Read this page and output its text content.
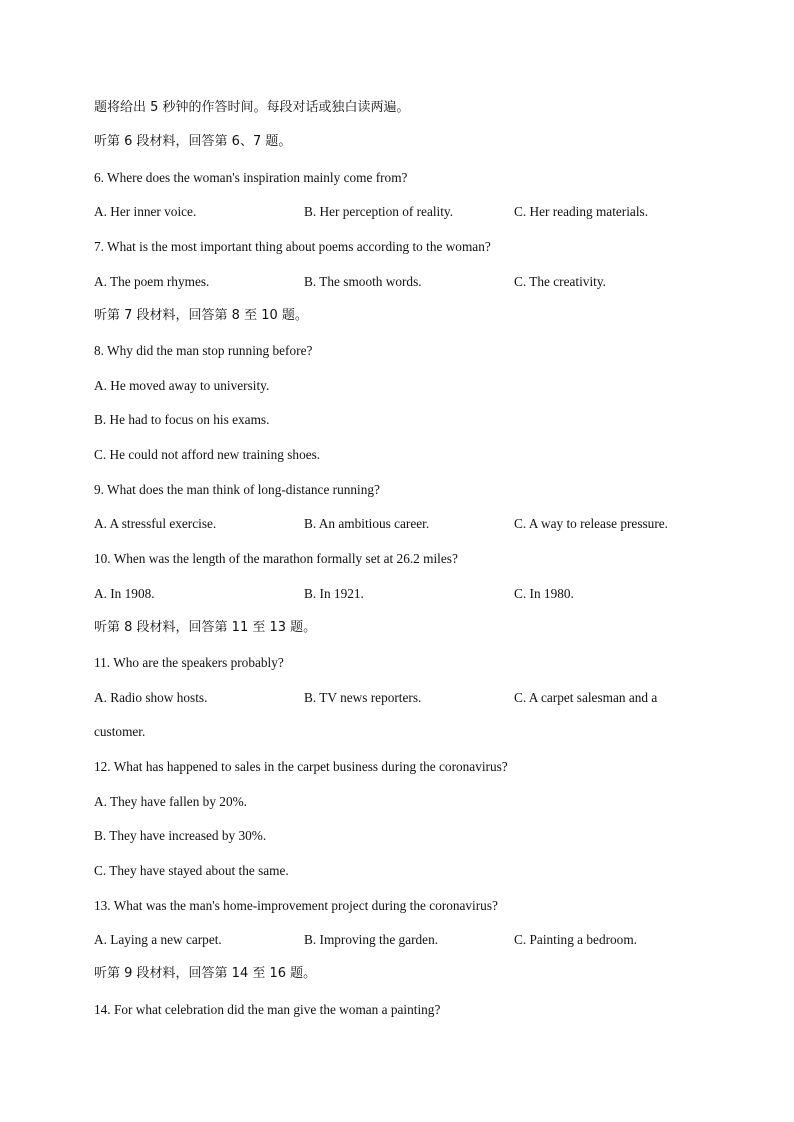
题将给出 5 秒钟的作答时间。每段对话或独白读两遍。
听第 6 段材料，回答第 6、7 题。
6. Where does the woman's inspiration mainly come from?
A. Her inner voice.	B. Her perception of reality.	C. Her reading materials.
7. What is the most important thing about poems according to the woman?
A. The poem rhymes.	B. The smooth words.	C. The creativity.
听第 7 段材料，回答第 8 至 10 题。
8. Why did the man stop running before?
A. He moved away to university.
B. He had to focus on his exams.
C. He could not afford new training shoes.
9. What does the man think of long-distance running?
A. A stressful exercise.	B. An ambitious career.	C. A way to release pressure.
10. When was the length of the marathon formally set at 26.2 miles?
A. In 1908.	B. In 1921.	C. In 1980.
听第 8 段材料，回答第 11 至 13 题。
11. Who are the speakers probably?
A. Radio show hosts.	B. TV news reporters.	C. A carpet salesman and a
customer.
12. What has happened to sales in the carpet business during the coronavirus?
A. They have fallen by 20%.
B. They have increased by 30%.
C. They have stayed about the same.
13. What was the man's home-improvement project during the coronavirus?
A. Laying a new carpet.	B. Improving the garden.	C. Painting a bedroom.
听第 9 段材料，回答第 14 至 16 题。
14. For what celebration did the man give the woman a painting?
